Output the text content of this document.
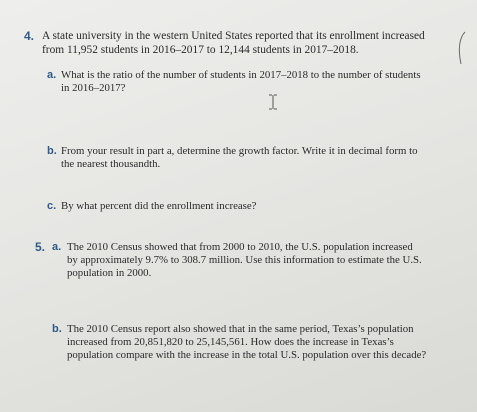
4. A state university in the western United States reported that its enrollment increased
from 11,952 students in 2016–2017 to 12,144 students in 2017–2018.
a. What is the ratio of the number of students in 2017–2018 to the number of students
in 2016–2017?
b. From your result in part a, determine the growth factor. Write it in decimal form to
the nearest thousandth.
c. By what percent did the enrollment increase?
5. a. The 2010 Census showed that from 2000 to 2010, the U.S. population increased
by approximately 9.7% to 308.7 million. Use this information to estimate the U.S.
population in 2000.
b. The 2010 Census report also showed that in the same period, Texas’s population
increased from 20,851,820 to 25,145,561. How does the increase in Texas’s
population compare with the increase in the total U.S. population over this decade?
